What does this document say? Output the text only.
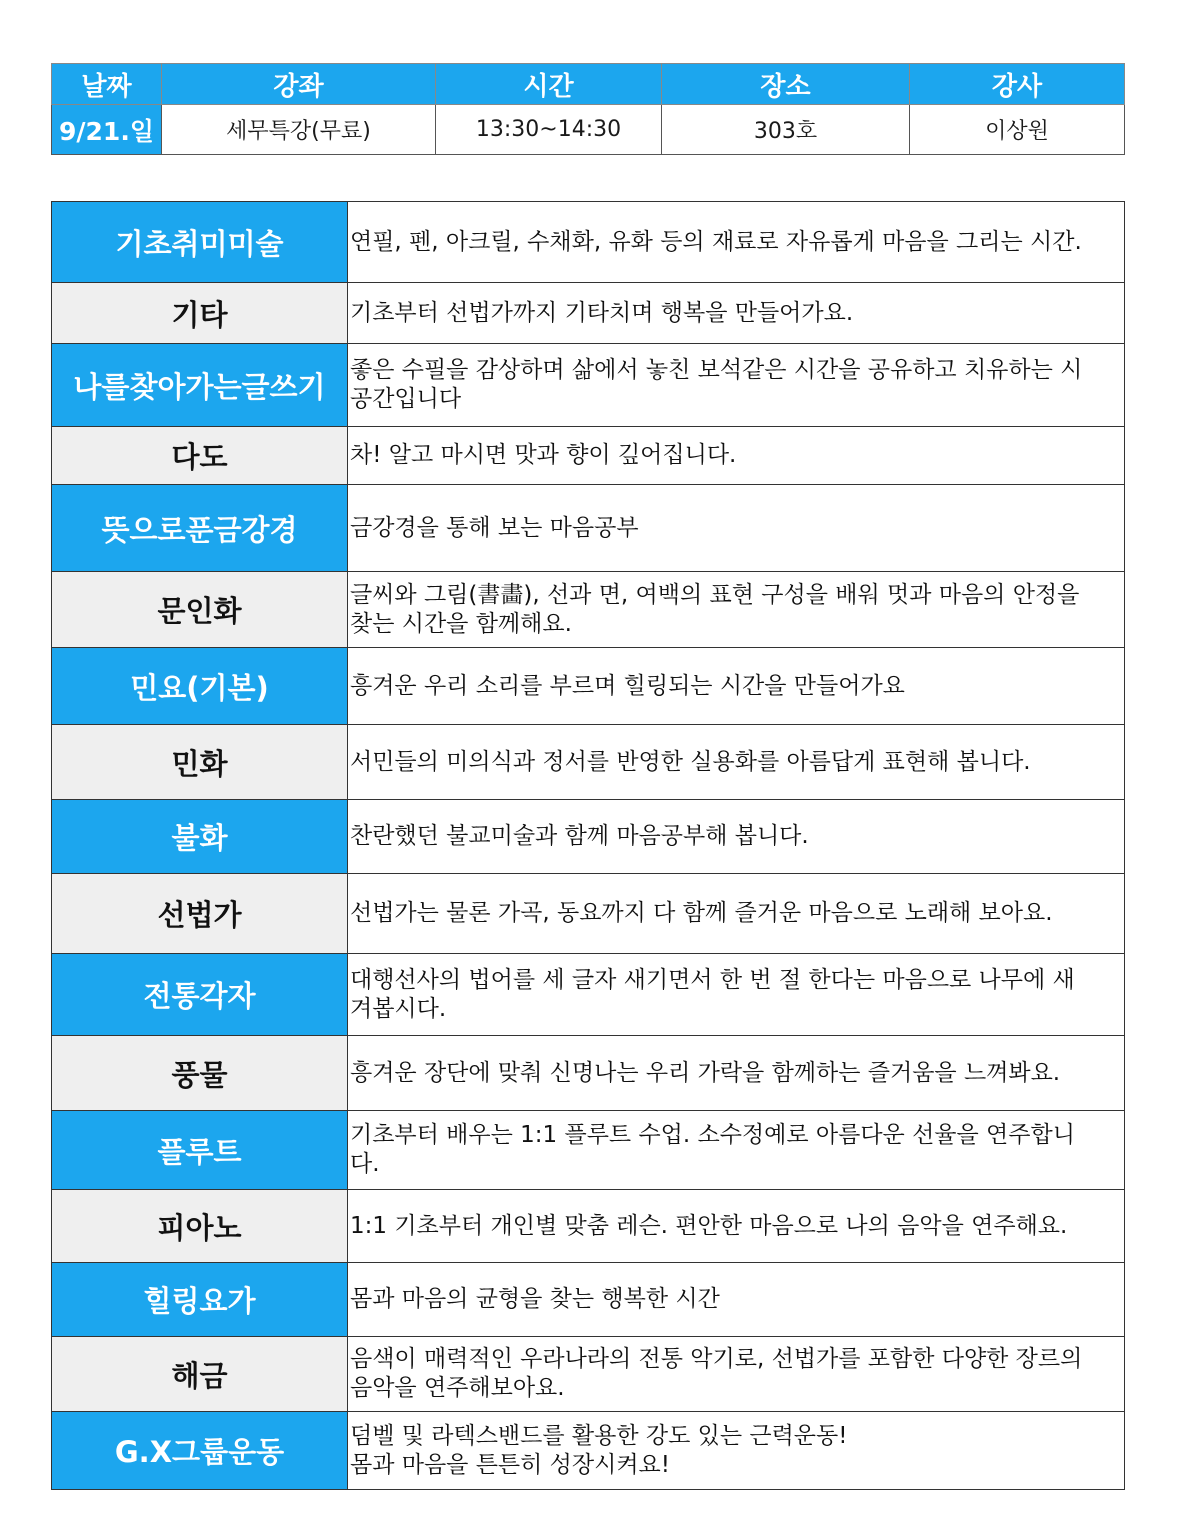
날짜	강좌	시간	장소	강사
9/21.일	세무특강(무료)	13:30~14:30	303호	이상원
기초취미미술	연필, 펜, 아크릴, 수채화, 유화 등의 재료로 자유롭게 마음을 그리는 시간.
기타	기초부터 선법가까지 기타치며 행복을 만들어가요.
나를찾아가는글쓰기	좋은 수필을 감상하며 삶에서 놓친 보석같은 시간을 공유하고 치유하는 시
공간입니다
다도	차! 알고 마시면 맛과 향이 깊어집니다.
뜻으로푼금강경	금강경을 통해 보는 마음공부
문인화	글씨와 그림(書畵), 선과 면, 여백의 표현 구성을 배워 멋과 마음의 안정을
찾는 시간을 함께해요.
민요(기본)	흥겨운 우리 소리를 부르며 힐링되는 시간을 만들어가요
민화	서민들의 미의식과 정서를 반영한 실용화를 아름답게 표현해 봅니다.
불화	찬란했던 불교미술과 함께 마음공부해 봅니다.
선법가	선법가는 물론 가곡, 동요까지 다 함께 즐거운 마음으로 노래해 보아요.
전통각자	대행선사의 법어를 세 글자 새기면서 한 번 절 한다는 마음으로 나무에 새
겨봅시다.
풍물	흥겨운 장단에 맞춰 신명나는 우리 가락을 함께하는 즐거움을 느껴봐요.
플루트	기초부터 배우는 1:1 플루트 수업. 소수정예로 아름다운 선율을 연주합니
다.
피아노	1:1 기초부터 개인별 맞춤 레슨. 편안한 마음으로 나의 음악을 연주해요.
힐링요가	몸과 마음의 균형을 찾는 행복한 시간
해금	음색이 매력적인 우라나라의 전통 악기로, 선법가를 포함한 다양한 장르의
음악을 연주해보아요.
G.X그룹운동	덤벨 및 라텍스밴드를 활용한 강도 있는 근력운동!
몸과 마음을 튼튼히 성장시켜요!
